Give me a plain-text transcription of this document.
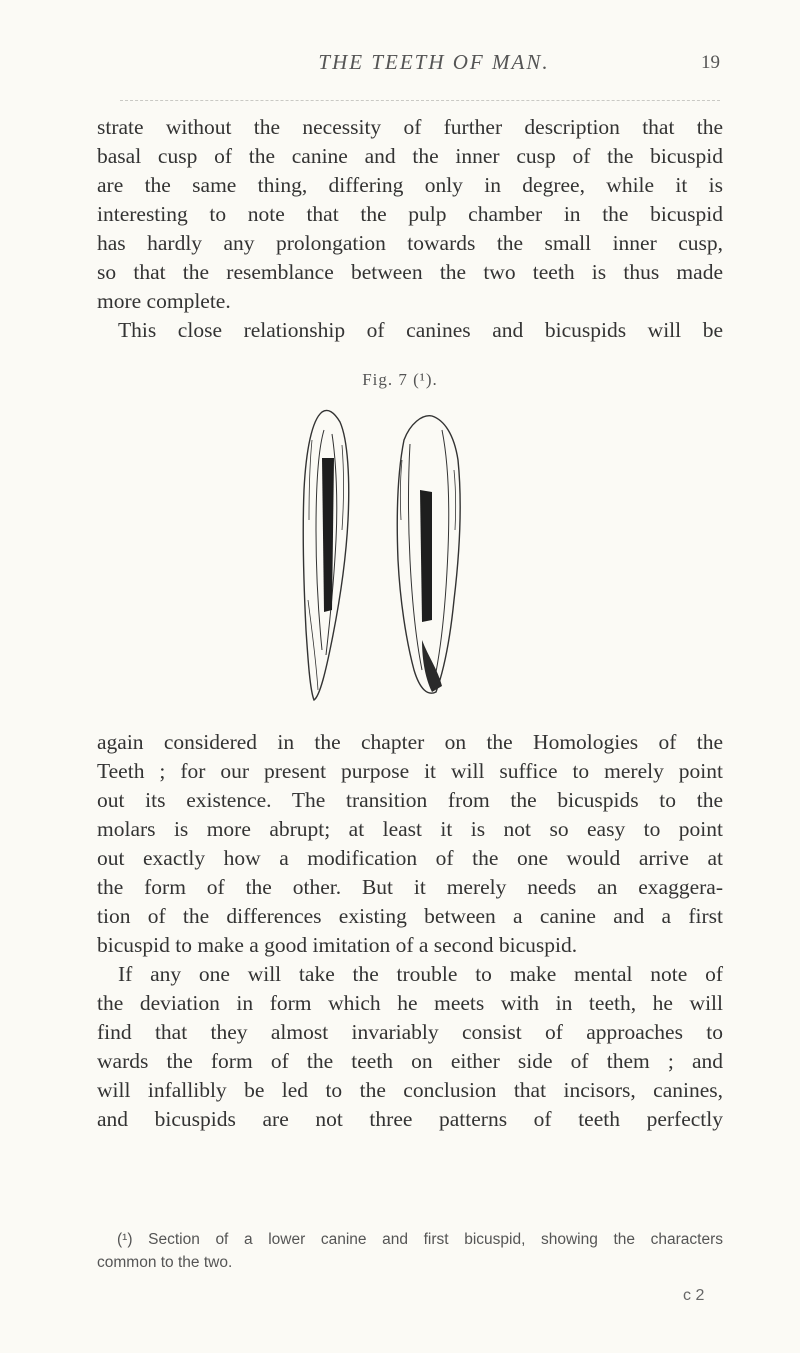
THE TEETH OF MAN.	19
strate without the necessity of further description that the
basal cusp of the canine and the inner cusp of the bicuspid
are the same thing, differing only in degree, while it is
interesting to note that the pulp chamber in the bicuspid
has hardly any prolongation towards the small inner cusp,
so that the resemblance between the two teeth is thus made
more complete.
This close relationship of canines and bicuspids will be
Fig. 7 (¹).
again considered in the chapter on the Homologies of the
Teeth ; for our present purpose it will suffice to merely point
out its existence. The transition from the bicuspids to the
molars is more abrupt; at least it is not so easy to point
out exactly how a modification of the one would arrive at
the form of the other. But it merely needs an exaggera-
tion of the differences existing between a canine and a first
bicuspid to make a good imitation of a second bicuspid.
If any one will take the trouble to make mental note of
the deviation in form which he meets with in teeth, he will
find that they almost invariably consist of approaches to
wards the form of the teeth on either side of them ; and
will infallibly be led to the conclusion that incisors, canines,
and bicuspids are not three patterns of teeth perfectly
(¹) Section of a lower canine and first bicuspid, showing the characters
common to the two.
c 2
